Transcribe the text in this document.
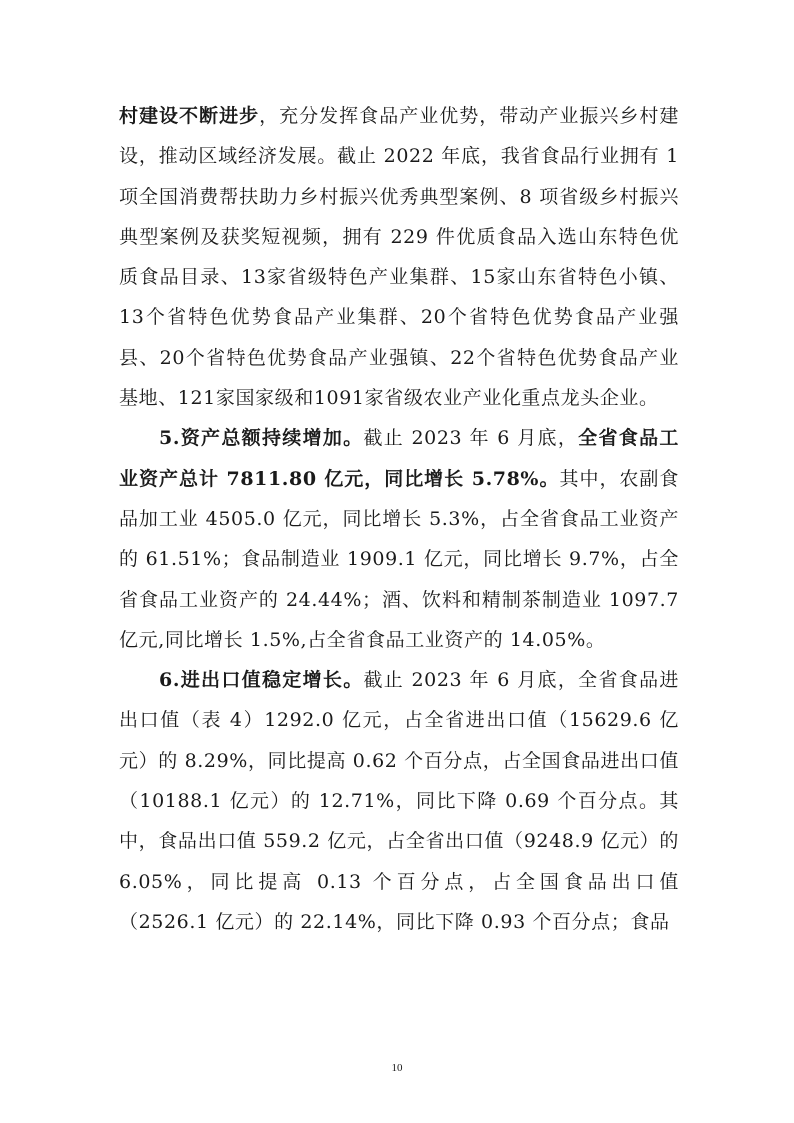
村建设不断进步，充分发挥食品产业优势，带动产业振兴乡村建设，推动区域经济发展。截止 2022 年底，我省食品行业拥有 1 项全国消费帮扶助力乡村振兴优秀典型案例、8 项省级乡村振兴典型案例及获奖短视频，拥有 229 件优质食品入选山东特色优质食品目录、13家省级特色产业集群、15家山东省特色小镇、13个省特色优势食品产业集群、20个省特色优势食品产业强县、20个省特色优势食品产业强镇、22个省特色优势食品产业基地、121家国家级和1091家省级农业产业化重点龙头企业。

5.资产总额持续增加。截止 2023 年 6 月底，全省食品工业资产总计 7811.80 亿元，同比增长 5.78%。其中，农副食品加工业 4505.0 亿元，同比增长 5.3%，占全省食品工业资产的 61.51%；食品制造业 1909.1 亿元，同比增长 9.7%，占全省食品工业资产的 24.44%；酒、饮料和精制茶制造业 1097.7 亿元,同比增长 1.5%,占全省食品工业资产的 14.05%。

6.进出口值稳定增长。截止 2023 年 6 月底，全省食品进出口值（表 4）1292.0 亿元，占全省进出口值（15629.6 亿元）的 8.29%，同比提高 0.62 个百分点，占全国食品进出口值（10188.1 亿元）的 12.71%，同比下降 0.69 个百分点。其中，食品出口值 559.2 亿元，占全省出口值（9248.9 亿元）的 6.05%，同比提高 0.13 个百分点，占全国食品出口值（2526.1 亿元）的 22.14%，同比下降 0.93 个百分点；食品

10
